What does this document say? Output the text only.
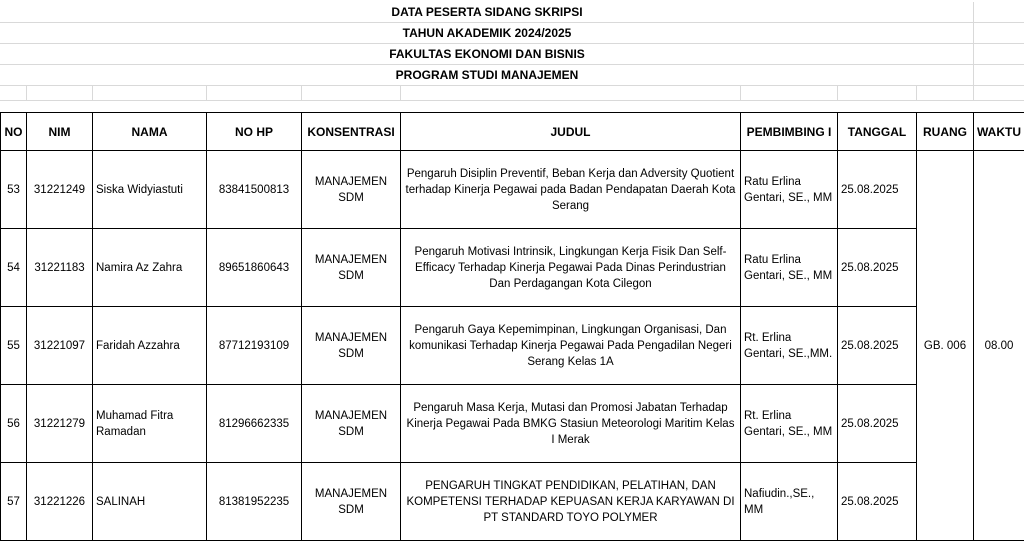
DATA PESERTA SIDANG SKRIPSI
TAHUN AKADEMIK 2024/2025
FAKULTAS EKONOMI DAN BISNIS
PROGRAM STUDI MANAJEMEN
NO	NIM	NAMA	NO HP	KONSENTRASI	JUDUL	PEMBIMBING I	TANGGAL	RUANG	WAKTU
53	31221249	Siska Widyiastuti	83841500813	MANAJEMEN SDM	Pengaruh Disiplin Preventif, Beban Kerja dan Adversity Quotient terhadap Kinerja Pegawai pada Badan Pendapatan Daerah Kota Serang	Ratu Erlina Gentari, SE., MM	25.08.2025	GB. 006	08.00
54	31221183	Namira Az Zahra	89651860643	MANAJEMEN SDM	Pengaruh Motivasi Intrinsik, Lingkungan Kerja Fisik Dan Self-Efficacy Terhadap Kinerja Pegawai Pada Dinas Perindustrian Dan Perdagangan Kota Cilegon	Ratu Erlina Gentari, SE., MM	25.08.2025		
55	31221097	Faridah Azzahra	87712193109	MANAJEMEN SDM	Pengaruh Gaya Kepemimpinan, Lingkungan Organisasi, Dan komunikasi Terhadap Kinerja Pegawai Pada Pengadilan Negeri Serang Kelas 1A	Rt. Erlina Gentari, SE.,MM.	25.08.2025		
56	31221279	Muhamad Fitra Ramadan	81296662335	MANAJEMEN SDM	Pengaruh Masa Kerja, Mutasi dan Promosi Jabatan Terhadap Kinerja Pegawai Pada BMKG Stasiun Meteorologi Maritim Kelas I Merak	Rt. Erlina Gentari, SE., MM	25.08.2025		
57	31221226	SALINAH	81381952235	MANAJEMEN SDM	PENGARUH TINGKAT PENDIDIKAN, PELATIHAN, DAN KOMPETENSI TERHADAP KEPUASAN KERJA KARYAWAN DI PT STANDARD TOYO POLYMER	Nafiudin.,SE., MM	25.08.2025		
